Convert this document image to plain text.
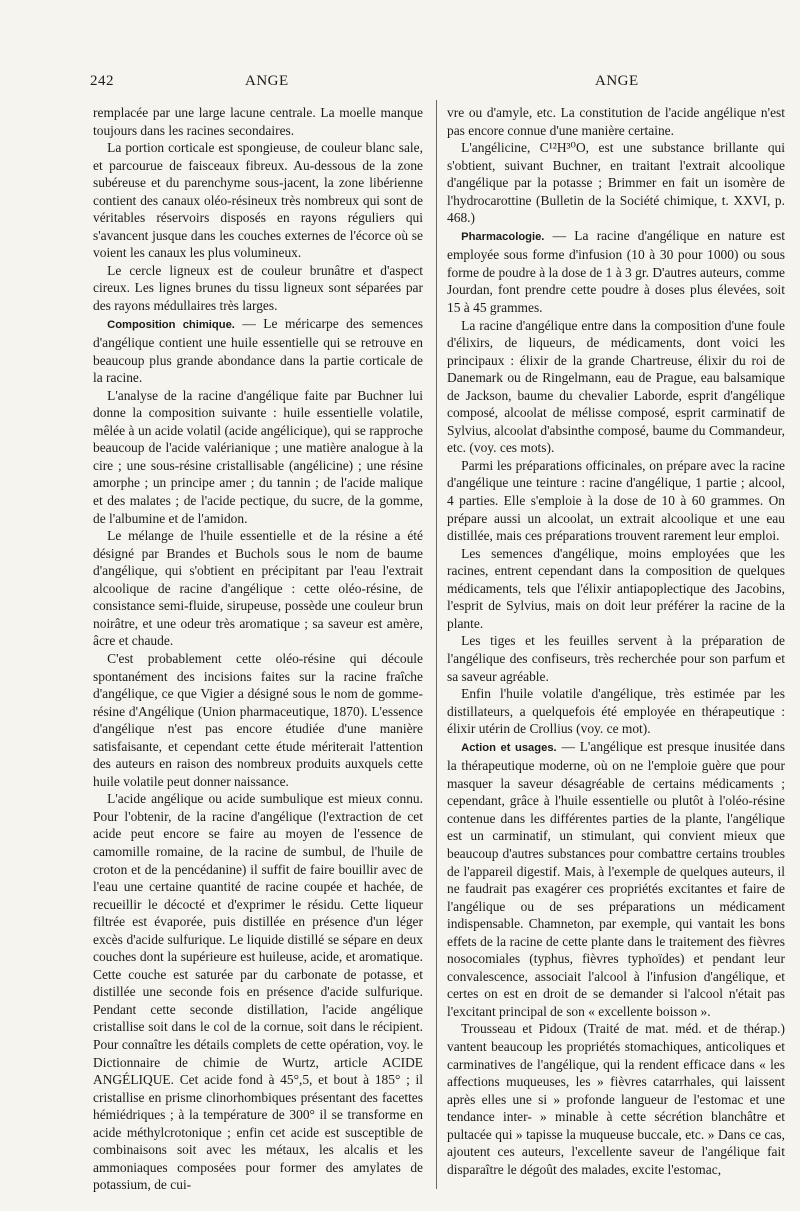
242	ANGE	ANGE

remplacée par une large lacune centrale. La moelle manque toujours dans les racines secondaires.

La portion corticale est spongieuse, de couleur blanc sale, et parcourue de faisceaux fibreux. Au-dessous de la zone subéreuse et du parenchyme sous-jacent, la zone libérienne contient des canaux oléo-résineux très nombreux qui sont de véritables réservoirs disposés en rayons réguliers qui s'avancent jusque dans les couches externes de l'écorce où se voient les canaux les plus volumineux.

Le cercle ligneux est de couleur brunâtre et d'aspect cireux. Les lignes brunes du tissu ligneux sont séparées par des rayons médullaires très larges.

Composition chimique. — Le méricarpe des semences d'angélique contient une huile essentielle qui se retrouve en beaucoup plus grande abondance dans la partie corticale de la racine.

L'analyse de la racine d'angélique faite par Buchner lui donne la composition suivante : huile essentielle volatile, mêlée à un acide volatil (acide angélicique), qui se rapproche beaucoup de l'acide valérianique ; une matière analogue à la cire ; une sous-résine cristallisable (angélicine) ; une résine amorphe ; un principe amer ; du tannin ; de l'acide malique et des malates ; de l'acide pectique, du sucre, de la gomme, de l'albumine et de l'amidon.

Le mélange de l'huile essentielle et de la résine a été désigné par Brandes et Buchols sous le nom de baume d'angélique, qui s'obtient en précipitant par l'eau l'extrait alcoolique de racine d'angélique : cette oléo-résine, de consistance semi-fluide, sirupeuse, possède une couleur brun noirâtre, et une odeur très aromatique ; sa saveur est amère, âcre et chaude.

C'est probablement cette oléo-résine qui découle spontanément des incisions faites sur la racine fraîche d'angélique, ce que Vigier a désigné sous le nom de gomme-résine d'Angélique (Union pharmaceutique, 1870). L'essence d'angélique n'est pas encore étudiée d'une manière satisfaisante, et cependant cette étude mériterait l'attention des auteurs en raison des nombreux produits auxquels cette huile volatile peut donner naissance.

L'acide angélique ou acide sumbulique est mieux connu. Pour l'obtenir, de la racine d'angélique (l'extraction de cet acide peut encore se faire au moyen de l'essence de camomille romaine, de la racine de sumbul, de l'huile de croton et de la pencédanine) il suffit de faire bouillir avec de l'eau une certaine quantité de racine coupée et hachée, de recueillir le décocté et d'exprimer le résidu. Cette liqueur filtrée est évaporée, puis distillée en présence d'un léger excès d'acide sulfurique. Le liquide distillé se sépare en deux couches dont la supérieure est huileuse, acide, et aromatique. Cette couche est saturée par du carbonate de potasse, et distillée une seconde fois en présence d'acide sulfurique. Pendant cette seconde distillation, l'acide angélique cristallise soit dans le col de la cornue, soit dans le récipient. Pour connaître les détails complets de cette opération, voy. le Dictionnaire de chimie de Wurtz, article ACIDE ANGÉLIQUE. Cet acide fond à 45°,5, et bout à 185° ; il cristallise en prisme clinorhombiques présentant des facettes hémiédriques ; à la température de 300° il se transforme en acide méthylcrotonique ; enfin cet acide est susceptible de combinaisons soit avec les métaux, les alcalis et les ammoniaques composées pour former des amylates de potassium, de cui-

vre ou d'amyle, etc. La constitution de l'acide angélique n'est pas encore connue d'une manière certaine.

L'angélicine, C¹²H³⁰O, est une substance brillante qui s'obtient, suivant Buchner, en traitant l'extrait alcoolique d'angélique par la potasse ; Brimmer en fait un isomère de l'hydrocarottine (Bulletin de la Société chimique, t. XXVI, p. 468.)

Pharmacologie. — La racine d'angélique en nature est employée sous forme d'infusion (10 à 30 pour 1000) ou sous forme de poudre à la dose de 1 à 3 gr. D'autres auteurs, comme Jourdan, font prendre cette poudre à doses plus élevées, soit 15 à 45 grammes.

La racine d'angélique entre dans la composition d'une foule d'élixirs, de liqueurs, de médicaments, dont voici les principaux : élixir de la grande Chartreuse, élixir du roi de Danemark ou de Ringelmann, eau de Prague, eau balsamique de Jackson, baume du chevalier Laborde, esprit d'angélique composé, alcoolat de mélisse composé, esprit carminatif de Sylvius, alcoolat d'absinthe composé, baume du Commandeur, etc. (voy. ces mots).

Parmi les préparations officinales, on prépare avec la racine d'angélique une teinture : racine d'angélique, 1 partie ; alcool, 4 parties. Elle s'emploie à la dose de 10 à 60 grammes. On prépare aussi un alcoolat, un extrait alcoolique et une eau distillée, mais ces préparations trouvent rarement leur emploi.

Les semences d'angélique, moins employées que les racines, entrent cependant dans la composition de quelques médicaments, tels que l'élixir antiapoplectique des Jacobins, l'esprit de Sylvius, mais on doit leur préférer la racine de la plante.

Les tiges et les feuilles servent à la préparation de l'angélique des confiseurs, très recherchée pour son parfum et sa saveur agréable.

Enfin l'huile volatile d'angélique, très estimée par les distillateurs, a quelquefois été employée en thérapeutique : élixir utérin de Crollius (voy. ce mot).

Action et usages. — L'angélique est presque inusitée dans la thérapeutique moderne, où on ne l'emploie guère que pour masquer la saveur désagréable de certains médicaments ; cependant, grâce à l'huile essentielle ou plutôt à l'oléo-résine contenue dans les différentes parties de la plante, l'angélique est un carminatif, un stimulant, qui convient mieux que beaucoup d'autres substances pour combattre certains troubles de l'appareil digestif. Mais, à l'exemple de quelques auteurs, il ne faudrait pas exagérer ces propriétés excitantes et faire de l'angélique ou de ses préparations un médicament indispensable. Chamneton, par exemple, qui vantait les bons effets de la racine de cette plante dans le traitement des fièvres nosocomiales (typhus, fièvres typhoïdes) et pendant leur convalescence, associait l'alcool à l'infusion d'angélique, et certes on est en droit de se demander si l'alcool n'était pas l'excitant principal de son « excellente boisson ».

Trousseau et Pidoux (Traité de mat. méd. et de thérap.) vantent beaucoup les propriétés stomachiques, anticoliques et carminatives de l'angélique, qui la rendent efficace dans « les affections muqueuses, les » fièvres catarrhales, qui laissent après elles une si » profonde langueur de l'estomac et une tendance inter- » minable à cette sécrétion blanchâtre et pultacée qui » tapisse la muqueuse buccale, etc. » Dans ce cas, ajoutent ces auteurs, l'excellente saveur de l'angélique fait disparaître le dégoût des malades, excite l'estomac,
